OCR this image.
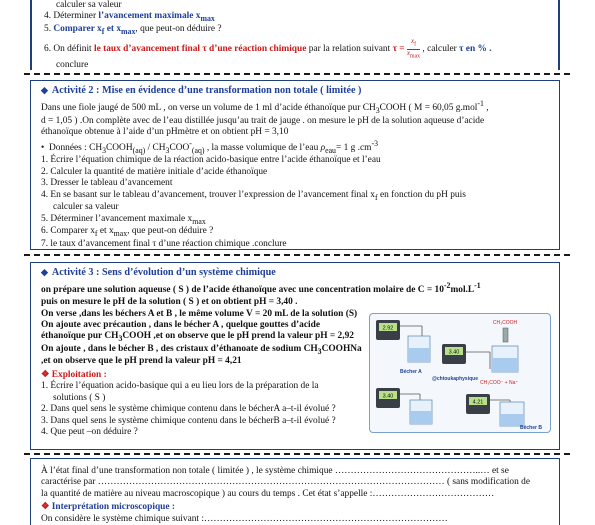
calculer sa valeur
4. Déterminer l’avancement maximale $x_{max}$
5. Comparer $x_f$ et $x_{max}$, que peut-on déduire ?
6. On définit le taux d’avancement final τ d’une réaction chimique par la relation suivant $\tau = \frac{x_f}{x_{max}}$ , calculer τ en % .
conclure
◆ Activité 2 : Mise en évidence d’une transformation non totale ( limitée )
Dans une fiole jaugé de 500 mL , on verse un volume de 1 ml d’acide éthanoïque pur $CH_3COOH$ ( M = 60,05 g.mol$^{-1}$ ,
d = 1,05 ) .On complète avec de l’eau distillée jusqu’au trait de jauge . on mesure le pH de la solution aqueuse d’acide
éthanoïque obtenue à l’aide d’un pHmètre et on obtient pH = 3,10
•  Données : $CH_3COOH_{(aq)} / CH_3COO^-_{(aq)}$ , la masse volumique de l’eau $\rho_{eau}= 1$ g $.cm^{-3}$
1. Écrire l’équation chimique de la réaction acido-basique entre l’acide éthanoïque et l’eau
2. Calculer la quantité de matière initiale d’acide éthanoïque
3. Dresser le tableau d’avancement
4. En se basant sur le tableau d’avancement, trouver l’expression de l’avancement final $x_f$ en fonction du pH puis
calculer sa valeur
5. Déterminer l’avancement maximale $x_{max}$
6. Comparer $x_f$ et $x_{max}$, que peut-on déduire ?
7. le taux d’avancement final τ d’une réaction chimique .conclure
◆ Activité 3 : Sens d’évolution d’un système chimique
on prépare une solution aqueuse ( S ) de l’acide éthanoïque avec une concentration molaire de $C = 10^{-2}mol.L^{-1}$
puis on mesure le pH de la solution ( S ) et on obtient pH = 3,40 .
On verse ,dans les béchers A et B , le même volume V = 20 mL de la solution (S)
On ajoute avec précaution , dans le bécher A , quelque gouttes d’acide
éthanoïque pur $CH_3COOH$ ,et on observe que le pH prend la valeur pH = 2,92
On ajoute , dans le bécher B , des cristaux d’éthanoate de sodium $CH_3COOHNa$
,et on observe que le pH prend la valeur pH = 4,21
❖ Exploitation :
1. Écrire l’équation acido-basique qui a eu lieu lors de la préparation de la
solutions ( S )
2. Dans quel sens le système chimique contenu dans le bécherA a–t-il évolué ?
3. Dans quel sens le système chimique contenu dans le bécherB a–t-il évolué ?
4. Que peut –on déduire ?
2.92
3.40
CH₃COOH
Bécher A
@chtoukaphysique
CH₃COO⁻ + Na⁺
3.40
4.21
Bécher B
À l’état final d’une transformation non totale ( limitée ) , le système chimique ………………………………………..… et se
caractérise par ………………………………………………………………………………………………… ( sans modification de
la quantité de matière au niveau macroscopique ) au cours du temps . Cet état s’appelle :…………………………………
❖ Interprétation microscopique :
On considère le système chimique suivant :……………………………………………………………………
